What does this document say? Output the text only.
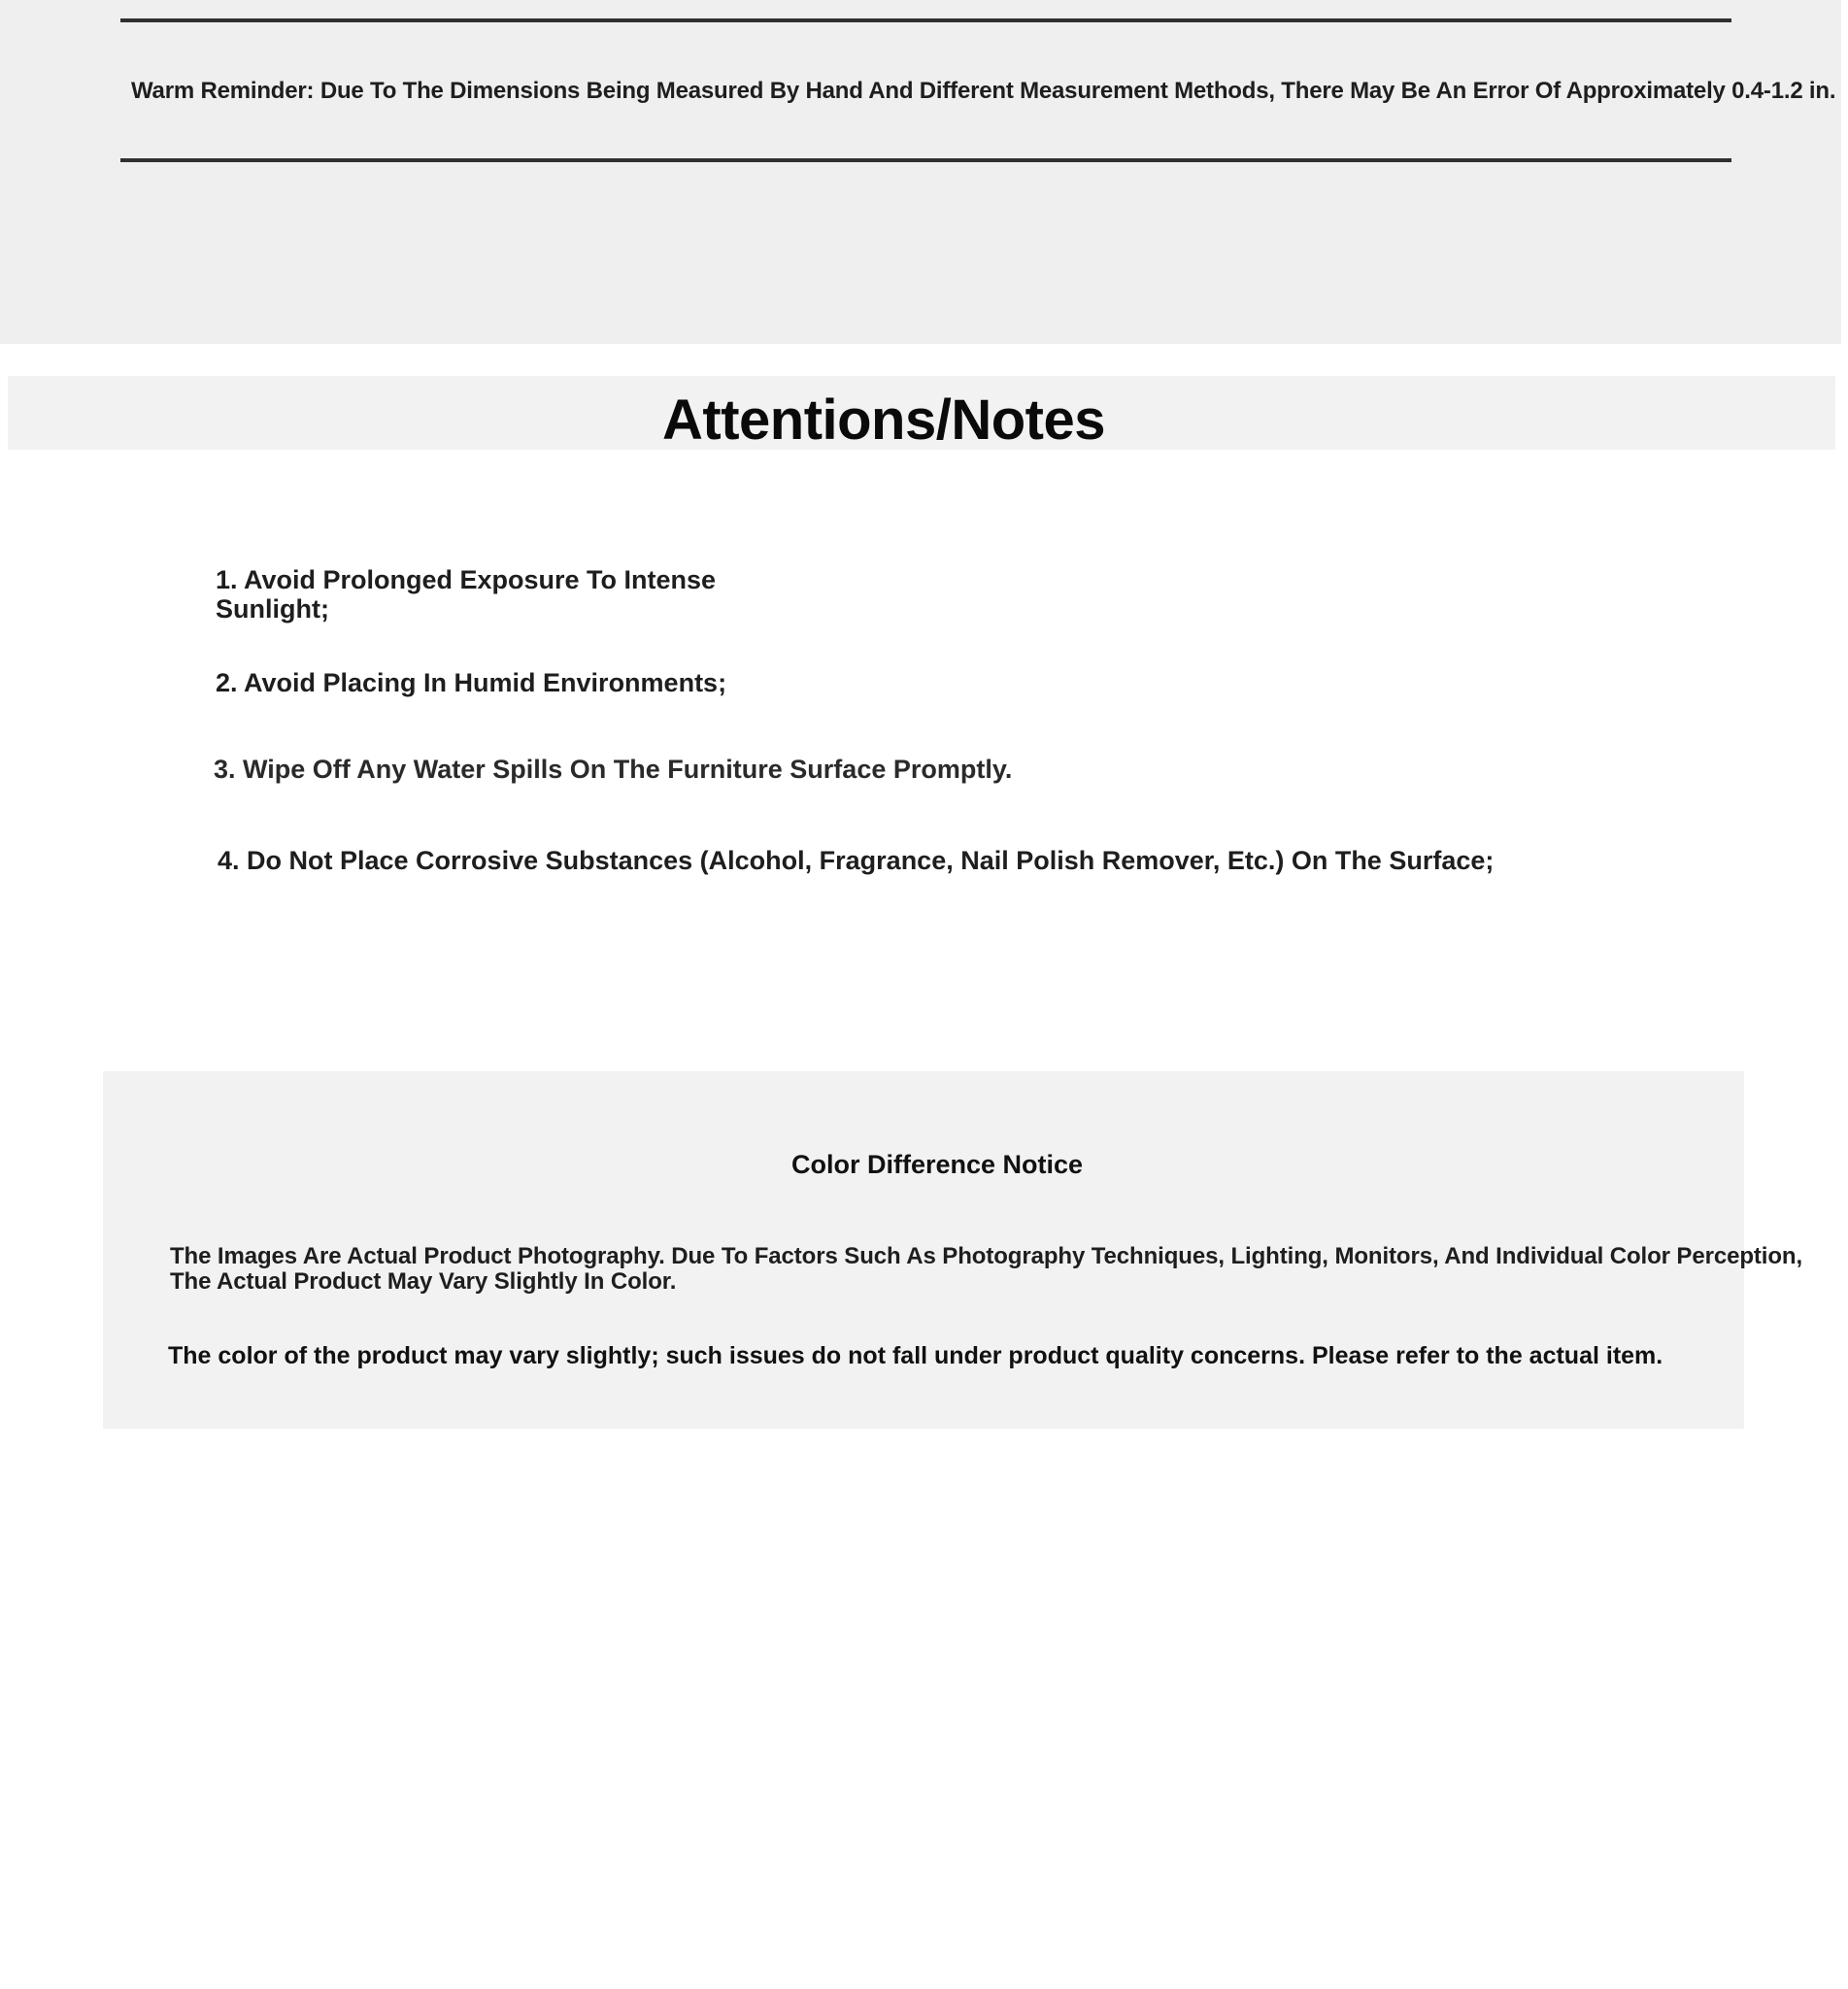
Warm Reminder: Due To The Dimensions Being Measured By Hand And Different Measurement Methods, There May Be An Error Of Approximately 0.4-1.2 in.
Attentions/Notes
1. Avoid Prolonged Exposure To Intense Sunlight;
2. Avoid Placing In Humid Environments;
3. Wipe Off Any Water Spills On The Furniture Surface Promptly.
4. Do Not Place Corrosive Substances (Alcohol, Fragrance, Nail Polish Remover, Etc.) On The Surface;
Color Difference Notice
The Images Are Actual Product Photography. Due To Factors Such As Photography Techniques, Lighting, Monitors, And Individual Color Perception, The Actual Product May Vary Slightly In Color.
The color of the product may vary slightly; such issues do not fall under product quality concerns. Please refer to the actual item.
